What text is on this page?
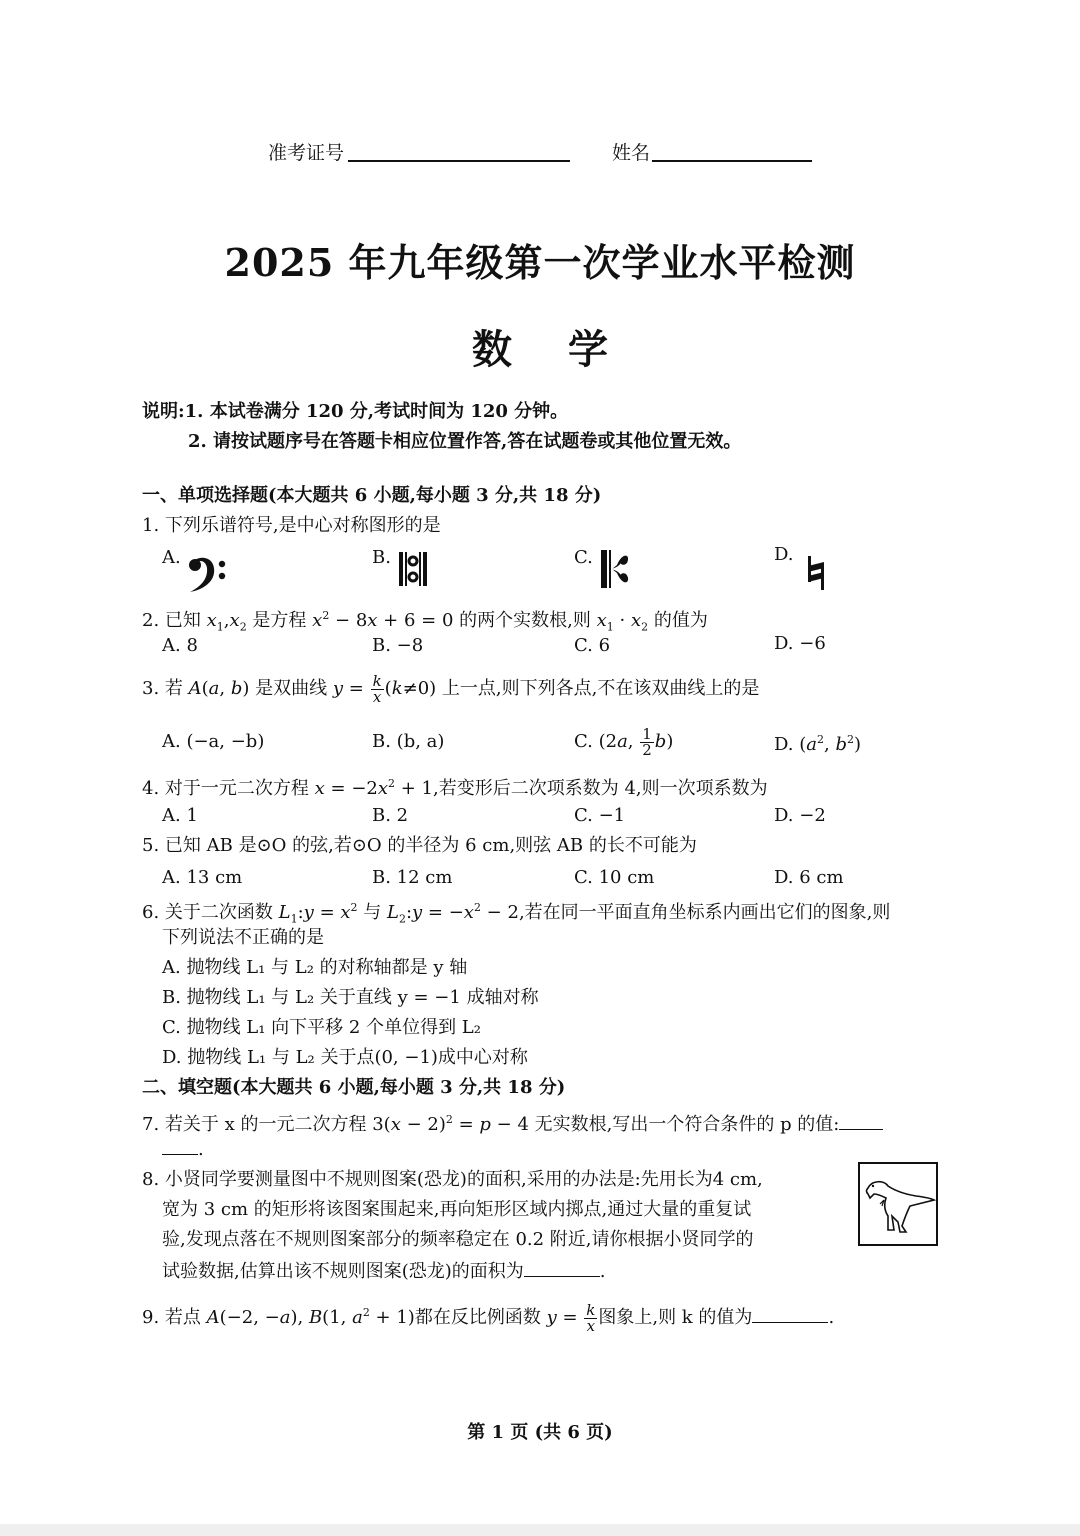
准考证号	姓名
2025 年九年级第一次学业水平检测
数学
说明:1. 本试卷满分 120 分,考试时间为 120 分钟。
2. 请按试题序号在答题卡相应位置作答,答在试题卷或其他位置无效。
一、单项选择题(本大题共 6 小题,每小题 3 分,共 18 分)
1. 下列乐谱符号,是中心对称图形的是
A.	B.	C.	D.
2. 已知 $x_1,x_2$ 是方程 $x^2 - 8x + 6 = 0$ 的两个实数根,则 $x_1 \cdot x_2$ 的值为
A. 8	B. −8	C. 6	D. −6
3. 若 A(a, b) 是双曲线 $y = \frac{k}{x} (k\ne 0)$ 上一点,则下列各点,不在该双曲线上的是
A. (−a, −b)	B. (b, a)	C. (2a, $\frac{1}{2} b$)	D. ($a^2$, $b^2$)
4. 对于一元二次方程 $x = -2x^2 + 1$,若变形后二次项系数为 4,则一次项系数为
A. 1	B. 2	C. −1	D. −2
5. 已知 AB 是⊙O 的弦,若⊙O 的半径为 6 cm,则弦 AB 的长不可能为
A. 13 cm	B. 12 cm	C. 10 cm	D. 6 cm
6. 关于二次函数 $L_1:y = x^2$ 与 $L_2:y = -x^2 - 2$,若在同一平面直角坐标系内画出它们的图象,则
下列说法不正确的是
A. 抛物线 L₁ 与 L₂ 的对称轴都是 y 轴
B. 抛物线 L₁ 与 L₂ 关于直线 y = −1 成轴对称
C. 抛物线 L₁ 向下平移 2 个单位得到 L₂
D. 抛物线 L₁ 与 L₂ 关于点(0, −1)成中心对称
二、填空题(本大题共 6 小题,每小题 3 分,共 18 分)
7. 若关于 x 的一元二次方程 $3(x - 2)^2 = p - 4$ 无实数根,写出一个符合条件的 p 的值:
.
8. 小贤同学要测量图中不规则图案(恐龙)的面积,采用的办法是:先用长为4 cm,
宽为 3 cm 的矩形将该图案围起来,再向矩形区域内掷点,通过大量的重复试
验,发现点落在不规则图案部分的频率稳定在 0.2 附近,请你根据小贤同学的
试验数据,估算出该不规则图案(恐龙)的面积为	.
9. 若点 A(−2, −a), B(1, $a^2 + 1$)都在反比例函数 $y = \frac{k}{x}$ 图象上,则 k 的值为	.
第 1 页 (共 6 页)
